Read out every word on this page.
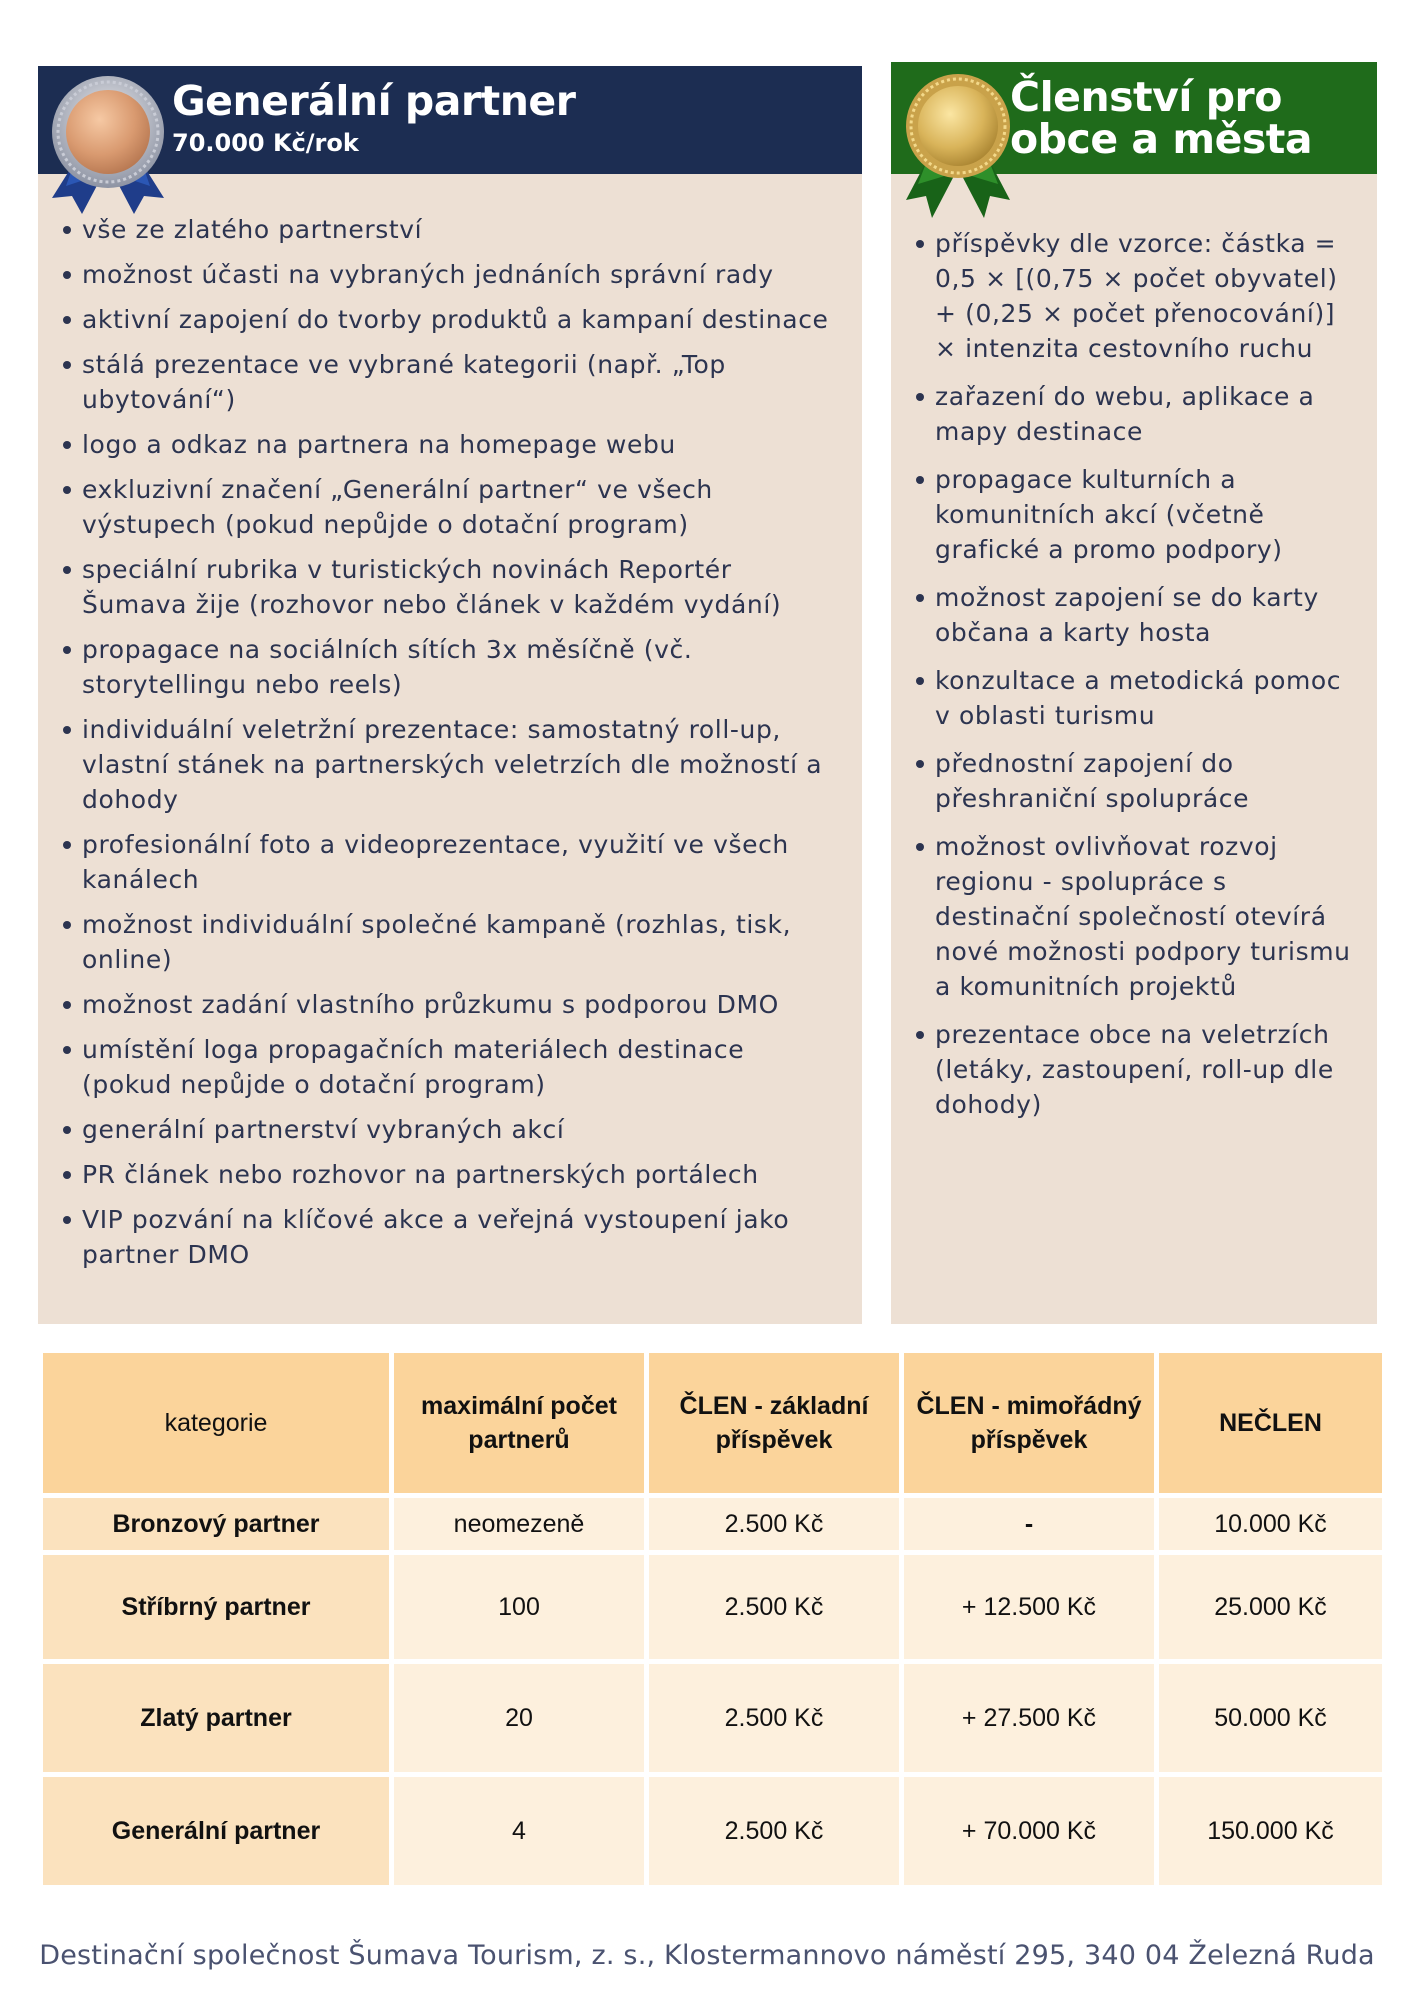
Generální partner
70.000 Kč/rok
Členství pro obce a města
vše ze zlatého partnerství
možnost účasti na vybraných jednáních správní rady
aktivní zapojení do tvorby produktů a kampaní destinace
stálá prezentace ve vybrané kategorii (např. „Top ubytování“)
logo a odkaz na partnera na homepage webu
exkluzivní značení „Generální partner“ ve všech výstupech (pokud nepůjde o dotační program)
speciální rubrika v turistických novinách Reportér Šumava žije (rozhovor nebo článek v každém vydání)
propagace na sociálních sítích 3x měsíčně (vč. storytellingu nebo reels)
individuální veletržní prezentace: samostatný roll-up, vlastní stánek na partnerských veletrzích dle možností a dohody
profesionální foto a videoprezentace, využití ve všech kanálech
možnost individuální společné kampaně (rozhlas, tisk, online)
možnost zadání vlastního průzkumu s podporou DMO
umístění loga propagačních materiálech destinace (pokud nepůjde o dotační program)
generální partnerství vybraných akcí
PR článek nebo rozhovor na partnerských portálech
VIP pozvání na klíčové akce a veřejná vystoupení jako partner DMO
příspěvky dle vzorce: částka = 0,5 × [(0,75 × počet obyvatel) + (0,25 × počet přenocování)] × intenzita cestovního ruchu
zařazení do webu, aplikace a mapy destinace
propagace kulturních a komunitních akcí (včetně grafické a promo podpory)
možnost zapojení se do karty občana a karty hosta
konzultace a metodická pomoc v oblasti turismu
přednostní zapojení do přeshraniční spolupráce
možnost ovlivňovat rozvoj regionu - spolupráce s destinační společností otevírá nové možnosti podpory turismu a komunitních projektů
prezentace obce na veletrzích (letáky, zastoupení, roll-up dle dohody)
kategorie	maximální počet partnerů	ČLEN - základní příspěvek	ČLEN - mimořádný příspěvek	NEČLEN
Bronzový partner	neomezeně	2.500 Kč	-	10.000 Kč
Stříbrný partner	100	2.500 Kč	+ 12.500 Kč	25.000 Kč
Zlatý partner	20	2.500 Kč	+ 27.500 Kč	50.000 Kč
Generální partner	4	2.500 Kč	+ 70.000 Kč	150.000 Kč
Destinační společnost Šumava Tourism, z. s., Klostermannovo náměstí 295, 340 04 Železná Ruda
